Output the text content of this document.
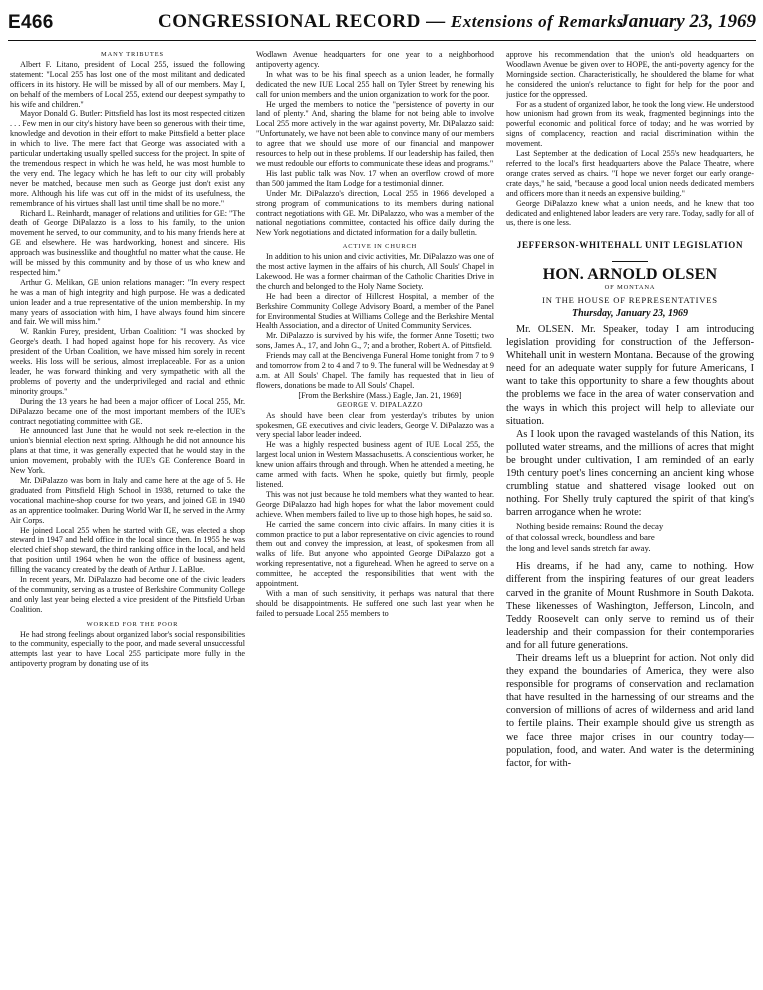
E466	CONGRESSIONAL RECORD — Extensions of Remarks
January 23, 1969

MANY TRIBUTES

Albert F. Litano, president of Local 255, issued the following statement: "Local 255 has lost one of the most militant and dedicated officers in its history. He will be missed by all of our members. May I, on behalf of the members of Local 255, extend our deepest sympathy to his wife and children."

Mayor Donald G. Butler: Pittsfield has lost its most respected citizen . . . Few men in our city's history have been so generous with their time, knowledge and devotion in their effort to make Pittsfield a better place in which to live. The mere fact that George was associated with a particular undertaking usually spelled success for the project. In spite of the tremendous respect in which he was held, he was most humble to the very end. The legacy which he has left to our city will probably never be matched, because men such as George just don't exist any more. Although his life was cut off in the midst of its usefulness, the remembrance of his virtues shall last until time shall be no more."

Richard L. Reinhardt, manager of relations and utilities for GE: "The death of George DiPalazzo is a loss to his family, to the union movement he served, to our community, and to his many friends here at GE and elsewhere. He was hardworking, honest and sincere. His approach was businesslike and thoughtful no matter what the cause. He will be missed by this community and by those of us who knew and respected him."

Arthur G. Melikan, GE union relations manager: "In every respect he was a man of high integrity and high purpose. He was a dedicated union leader and a true representative of the union membership. In my many years of association with him, I have always found him sincere and fair. We will miss him."

W. Rankin Furey, president, Urban Coalition: "I was shocked by George's death. I had hoped against hope for his recovery. As vice president of the Urban Coalition, we have missed him sorely in recent weeks. His loss will be serious, almost irreplaceable. For as a union leader, he was forward thinking and very sympathetic with all the problems of poverty and the underprivileged and racial and ethnic minority groups."

During the 13 years he had been a major officer of Local 255, Mr. DiPalazzo became one of the most important members of the IUE's contract negotiating committee with GE.

He announced last June that he would not seek re-election in the union's biennial election next spring. Although he did not announce his plans at that time, it was generally expected that he would stay in the union movement, probably with the IUE's GE Conference Board in New York.

Mr. DiPalazzo was born in Italy and came here at the age of 5. He graduated from Pittsfield High School in 1938, returned to take the vocational machine-shop course for two years, and joined GE in 1940 as an apprentice toolmaker. During World War II, he served in the Army Air Corps.

He joined Local 255 when he started with GE, was elected a shop steward in 1947 and held office in the local since then. In 1955 he was elected chief shop steward, the third ranking office in the local, and held that position until 1964 when he won the office of business agent, filling the vacancy created by the death of Arthur J. LaBlue.

In recent years, Mr. DiPalazzo had become one of the civic leaders of the community, serving as a trustee of Berkshire Community College and only last year being elected a vice president of the Pittsfield Urban Coalition.

WORKED FOR THE POOR

He had strong feelings about organized labor's social responsibilities to the community, especially to the poor, and made several unsuccessful attempts last year to have Local 255 participate more fully in the antipoverty program by donating use of its

Wodlawn Avenue headquarters for one year to a neighborhood antipoverty agency.

In what was to be his final speech as a union leader, he formally dedicated the new IUE Local 255 hall on Tyler Street by renewing his call for union members and the union organization to work for the poor.

He urged the members to notice the "persistence of poverty in our land of plenty." And, sharing the blame for not being able to involve Local 255 more actively in the war against poverty, Mr. DiPalazzo said: "Unfortunately, we have not been able to convince many of our members to agree that we should use more of our financial and manpower resources to help out in these problems. If our leadership has failed, then we must redouble our efforts to communicate these ideas and programs."

His last public talk was Nov. 17 when an overflow crowd of more than 500 jammed the Itam Lodge for a testimonial dinner.

Under Mr. DiPalazzo's direction, Local 255 in 1966 developed a strong program of communications to its members during national contract negotiations with GE. Mr. DiPalazzo, who was a member of the national negotiations committee, contacted his office daily during the New York negotiations and dictated information for a daily bulletin.

ACTIVE IN CHURCH

In addition to his union and civic activities, Mr. DiPalazzo was one of the most active laymen in the affairs of his church, All Souls' Chapel in Lakewood. He was a former chairman of the Catholic Charities Drive in the church and belonged to the Holy Name Society.

He had been a director of Hillcrest Hospital, a member of the Berkshire Community College Advisory Board, a member of the Panel for Environmental Studies at Williams College and the Berkshire Mental Health Association, and a director of United Community Services.

Mr. DiPalazzo is survived by his wife, the former Anne Tosetti; two sons, James A., 17, and John G., 7; and a brother, Robert A. of Pittsfield.

Friends may call at the Bencivenga Funeral Home tonight from 7 to 9 and tomorrow from 2 to 4 and 7 to 9. The funeral will be Wednesday at 9 a.m. at All Souls' Chapel. The family has requested that in lieu of flowers, donations be made to All Souls' Chapel.

[From the Berkshire (Mass.) Eagle, Jan. 21, 1969]

GEORGE V. DIPALAZZO

As should have been clear from yesterday's tributes by union spokesmen, GE executives and civic leaders, George V. DiPalazzo was a very special labor leader indeed.

He was a highly respected business agent of IUE Local 255, the largest local union in Western Massachusetts. A conscientious worker, he knew union affairs through and through. When he attended a meeting, he came armed with facts. When he spoke, quietly but firmly, people listened.

This was not just because he told members what they wanted to hear. George DiPalazzo had high hopes for what the labor movement could achieve. When members failed to live up to those high hopes, he said so.

He carried the same concern into civic affairs. In many cities it is common practice to put a labor representative on civic agencies to round them out and convey the impression, at least, of spokesmen from all walks of life. But anyone who appointed George DiPalazzo got a working representative, not a figurehead. When he agreed to serve on a committee, he accepted the responsibilities that went with the appointment.

With a man of such sensitivity, it perhaps was natural that there should be disappointments. He suffered one such last year when he failed to persuade Local 255 members to

approve his recommendation that the union's old headquarters on Woodlawn Avenue be given over to HOPE, the anti-poverty agency for the Morningside section. Characteristically, he shouldered the blame for what he considered the union's reluctance to fight for help for the poor and justice for the oppressed.

For as a student of organized labor, he took the long view. He understood how unionism had grown from its weak, fragmented beginnings into the powerful economic and political force of today; and he was worried by signs of complacency, reaction and racial discrimination within the movement.

Last September at the dedication of Local 255's new headquarters, he referred to the local's first headquarters above the Palace Theatre, where orange crates served as chairs. "I hope we never forget our early orange-crate days," he said, "because a good local union needs dedicated members and officers more than it needs an expensive building."

George DiPalazzo knew what a union needs, and he knew that too dedicated and enlightened labor leaders are very rare. Today, sadly for all of us, there is one less.

JEFFERSON-WHITEHALL UNIT LEGISLATION
HON. ARNOLD OLSEN
OF MONTANA
IN THE HOUSE OF REPRESENTATIVES
Thursday, January 23, 1969

Mr. OLSEN. Mr. Speaker, today I am introducing legislation providing for construction of the Jefferson-Whitehall unit in western Montana. Because of the growing need for an adequate water supply for future Americans, I want to take this opportunity to share a few thoughts about the problems we face in the area of water conservation and the ways in which this project will help to alleviate our situation.

As I look upon the ravaged wastelands of this Nation, its polluted water streams, and the millions of acres that might be brought under cultivation, I am reminded of an early 19th century poet's lines concerning an ancient king whose crumbling statue and shattered visage looked out on nothing. For Shelly truly captured the spirit of that king's barren arrogance when he wrote:

Nothing beside remains: Round the decay
of that colossal wreck, boundless and bare
the long and level sands stretch far away.

His dreams, if he had any, came to nothing. How different from the inspiring features of our great leaders carved in the granite of Mount Rushmore in South Dakota. These likenesses of Washington, Jefferson, Lincoln, and Teddy Roosevelt can only serve to remind us of their leadership and their compassion for their contemporaries and for all future generations.

Their dreams left us a blueprint for action. Not only did they expand the boundaries of America, they were also responsible for programs of conservation and reclamation that have resulted in the harnessing of our streams and the conversion of millions of acres of wilderness and arid land to fertile plains. Their example should give us strength as we face three major crises in our country today—population, food, and water. And water is the determining factor, for with-
